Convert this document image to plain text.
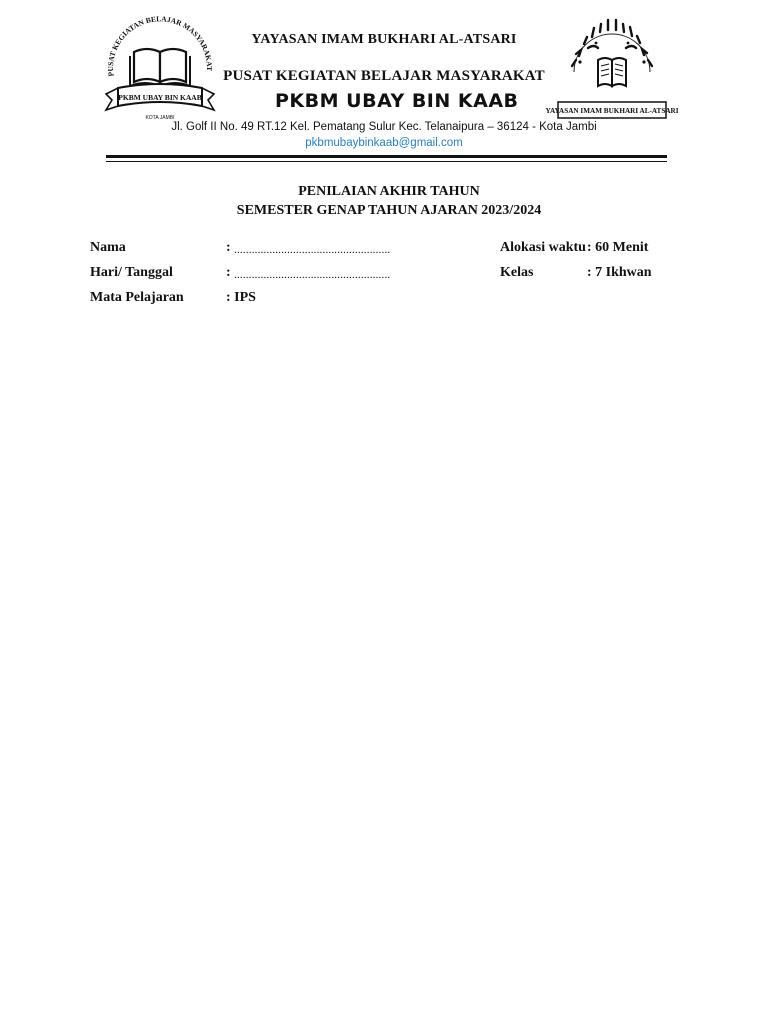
PUSAT KEGIATAN BELAJAR MASYARAKAT
PKBM UBAY BIN KAAB
KOTA JAMBI
YAYASAN IMAM BUKHARI AL-ATSARI
YAYASAN IMAM BUKHARI AL-ATSARI
PUSAT KEGIATAN BELAJAR MASYARAKAT
PKBM UBAY BIN KAAB
Jl. Golf II No. 49 RT.12 Kel. Pematang Sulur Kec. Telanaipura – 36124 - Kota Jambi
pkbmubaybinkaab@gmail.com
PENILAIAN AKHIR TAHUN
SEMESTER GENAP TAHUN AJARAN 2023/2024
Nama	: .....................................................
Hari/ Tanggal	: .....................................................
Mata Pelajaran	: IPS
Alokasi waktu : 60 Menit
Kelas	: 7 Ikhwan
